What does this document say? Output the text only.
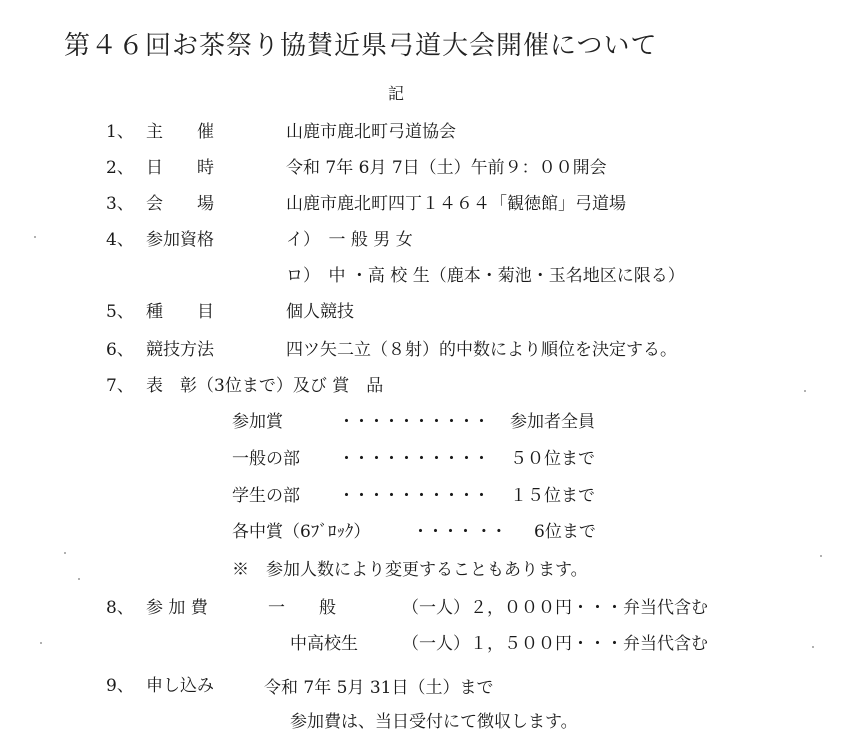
第４６回お茶祭り協賛近県弓道大会開催について
記
1、 主　　催	山鹿市鹿北町弓道協会
2、 日　　時	令和 7年 6月 7日（土）午前９：００開会
3、 会　　場	山鹿市鹿北町四丁１４６４「観徳館」弓道場
4、 参加資格	イ）　一 般 男 女
ロ）　中 ・高 校 生（鹿本・菊池・玉名地区に限る）
5、 種　　目	個人競技
6、 競技方法	四ツ矢二立（８射）的中数により順位を決定する。
7、 表　彰（3位まで）及び 賞　品
参加賞	・・・・・・・・・・ 参加者全員
一般の部 ・・・・・・・・・・ ５０位まで
学生の部 ・・・・・・・・・・ １５位まで
各中賞（6ﾌﾞﾛｯｸ） ・・・・ ・・ 6位まで
※　参加人数により変更することもあります。
8、 参 加 費	一　　般	（一人）２，０００円・・・弁当代含む
中高校生	（一人）１，５００円・・・弁当代含む
9、 申し込み	令和 7年 5月 31日（土）まで
参加費は、当日受付にて徴収します。
